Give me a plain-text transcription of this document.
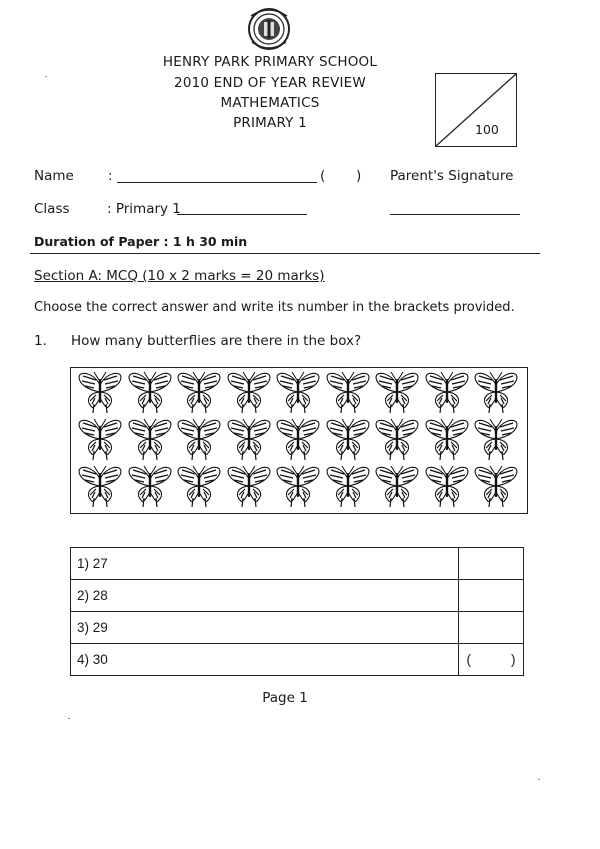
HENRY PARK PRIMARY SCHOOL
2010 END OF YEAR REVIEW
MATHEMATICS
PRIMARY 1	100
Name	:	( ) Parent's Signature
Class	: Primary 1
Duration of Paper : 1 h 30 min
Section A: MCQ (10 x 2 marks = 20 marks)
Choose the correct answer and write its number in the brackets provided.
1. How many butterflies are there in the box?
1) 27	
2) 28	
3) 29	
4) 30	( )
Page 1
